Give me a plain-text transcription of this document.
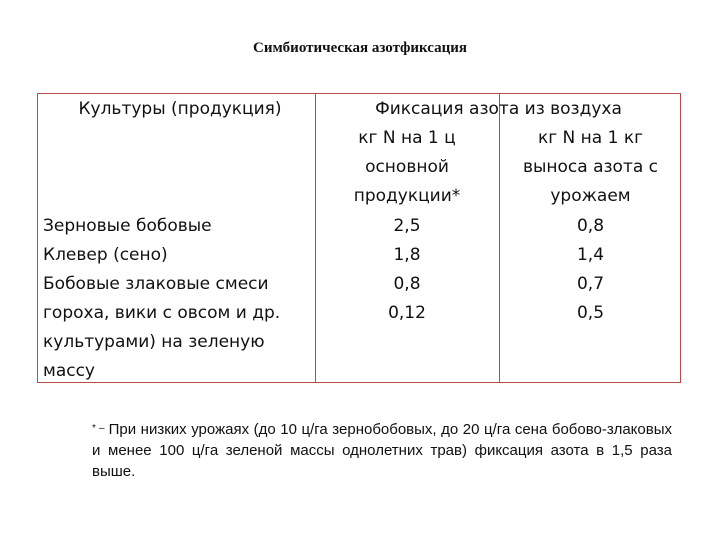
Симбиотическая азотфиксация
Культуры (продукция)	Фиксация азота из воздуха
кг N на 1 ц
основной
продукции*
кг N на 1 кг
выноса азота с
урожаем
Зерновые бобовые
Клевер (сено)
Бобовые злаковые смеси
гороха, вики с овсом и др.
культурами) на зеленую
массу
2,5
1,8
0,8
0,12
0,8
1,4
0,7
0,5
* – При низких урожаях (до 10 ц/га зернобобовых, до 20 ц/га сена бобово-злаковых и менее 100 ц/га зеленой массы однолетних трав) фиксация азота в 1,5 раза выше.
